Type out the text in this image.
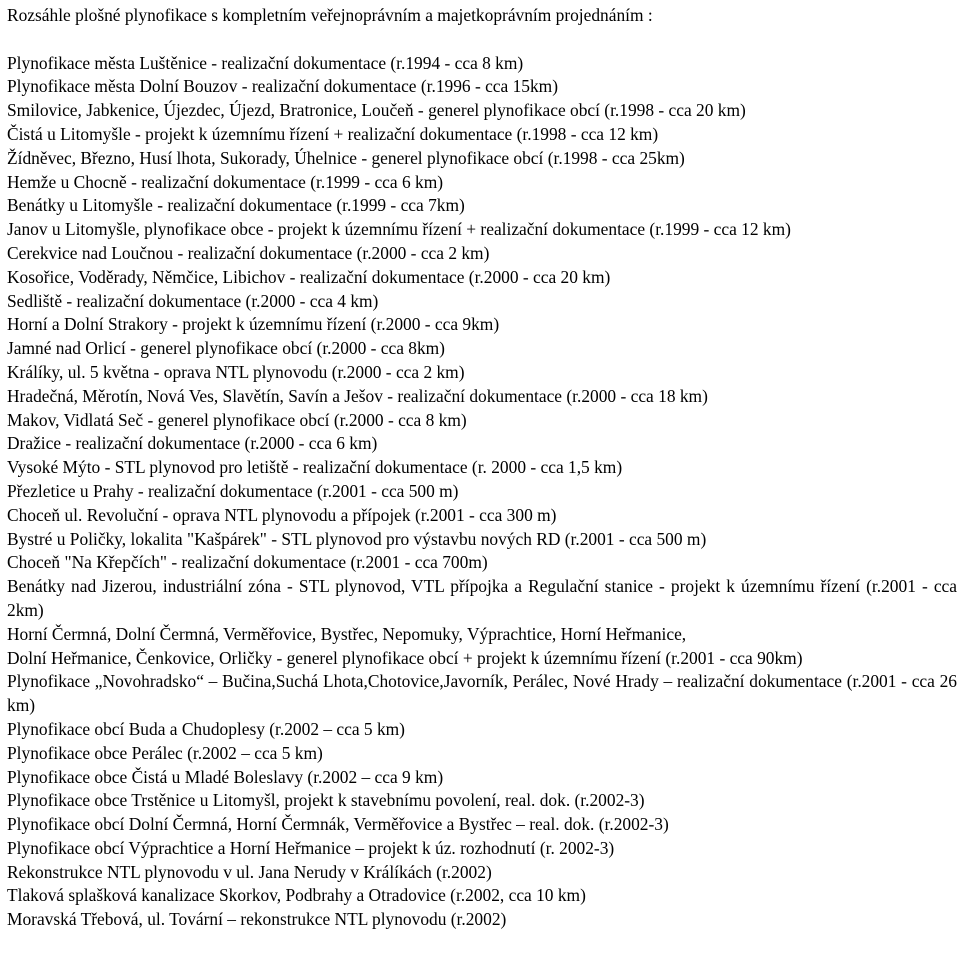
Rozsáhle plošné plynofikace s kompletním veřejnoprávním a majetkoprávním projednáním :
Plynofikace města Luštěnice - realizační dokumentace (r.1994 - cca 8 km)
Plynofikace města Dolní Bouzov - realizační dokumentace (r.1996 - cca 15km)
Smilovice, Jabkenice, Újezdec, Újezd, Bratronice, Loučeň - generel plynofikace obcí (r.1998 - cca 20 km)
Čistá u Litomyšle - projekt k územnímu řízení + realizační dokumentace (r.1998 - cca 12 km)
Žídněvec, Březno, Husí lhota, Sukorady, Úhelnice - generel plynofikace obcí (r.1998 - cca 25km)
Hemže u Chocně - realizační dokumentace (r.1999 - cca 6 km)
Benátky u Litomyšle - realizační dokumentace (r.1999 - cca 7km)
Janov u Litomyšle, plynofikace obce - projekt k územnímu řízení + realizační dokumentace (r.1999 - cca 12 km)
Cerekvice nad Loučnou - realizační dokumentace (r.2000 - cca 2 km)
Kosořice, Voděrady, Němčice, Libichov - realizační dokumentace (r.2000 - cca 20 km)
Sedliště - realizační dokumentace (r.2000 - cca 4 km)
Horní a Dolní Strakory - projekt k územnímu řízení (r.2000 - cca 9km)
Jamné nad Orlicí - generel plynofikace obcí (r.2000 - cca 8km)
Králíky, ul. 5 května - oprava NTL plynovodu (r.2000 - cca 2 km)
Hradečná, Měrotín, Nová Ves, Slavětín, Savín a Ješov - realizační dokumentace (r.2000 - cca 18 km)
Makov, Vidlatá Seč - generel plynofikace obcí (r.2000 - cca 8 km)
Dražice - realizační dokumentace (r.2000 - cca 6 km)
Vysoké Mýto - STL plynovod pro letiště - realizační dokumentace (r. 2000 - cca 1,5 km)
Přezletice u Prahy - realizační dokumentace (r.2001 - cca 500 m)
Choceň ul. Revoluční - oprava NTL plynovodu a přípojek (r.2001 - cca 300 m)
Bystré u Poličky, lokalita "Kašpárek" - STL plynovod pro výstavbu nových RD (r.2001 - cca 500 m)
Choceň "Na Křepčích" - realizační dokumentace (r.2001 - cca 700m)
Benátky nad Jizerou, industriální zóna - STL plynovod, VTL přípojka a Regulační stanice - projekt k územnímu řízení (r.2001 - cca 2km)
Horní Čermná, Dolní Čermná, Verměřovice, Bystřec, Nepomuky, Výprachtice, Horní Heřmanice,
Dolní Heřmanice, Čenkovice, Orličky - generel plynofikace obcí + projekt k územnímu řízení (r.2001 - cca 90km)
Plynofikace „Novohradsko“ – Bučina,Suchá Lhota,Chotovice,Javorník, Perálec, Nové Hrady – realizační dokumentace (r.2001 - cca 26 km)
Plynofikace obcí Buda a Chudoplesy (r.2002 – cca 5 km)
Plynofikace obce Perálec (r.2002 – cca 5 km)
Plynofikace obce Čistá u Mladé Boleslavy (r.2002 – cca 9 km)
Plynofikace obce Trstěnice u Litomyšl, projekt k stavebnímu povolení, real. dok. (r.2002-3)
Plynofikace obcí Dolní Čermná, Horní Čermnák, Verměřovice a Bystřec – real. dok. (r.2002-3)
Plynofikace obcí Výprachtice a Horní Heřmanice – projekt k úz. rozhodnutí (r. 2002-3)
Rekonstrukce NTL plynovodu v ul. Jana Nerudy v Králíkách (r.2002)
Tlaková splašková kanalizace Skorkov, Podbrahy a Otradovice (r.2002, cca 10 km)
Moravská Třebová, ul. Tovární – rekonstrukce NTL plynovodu (r.2002)
